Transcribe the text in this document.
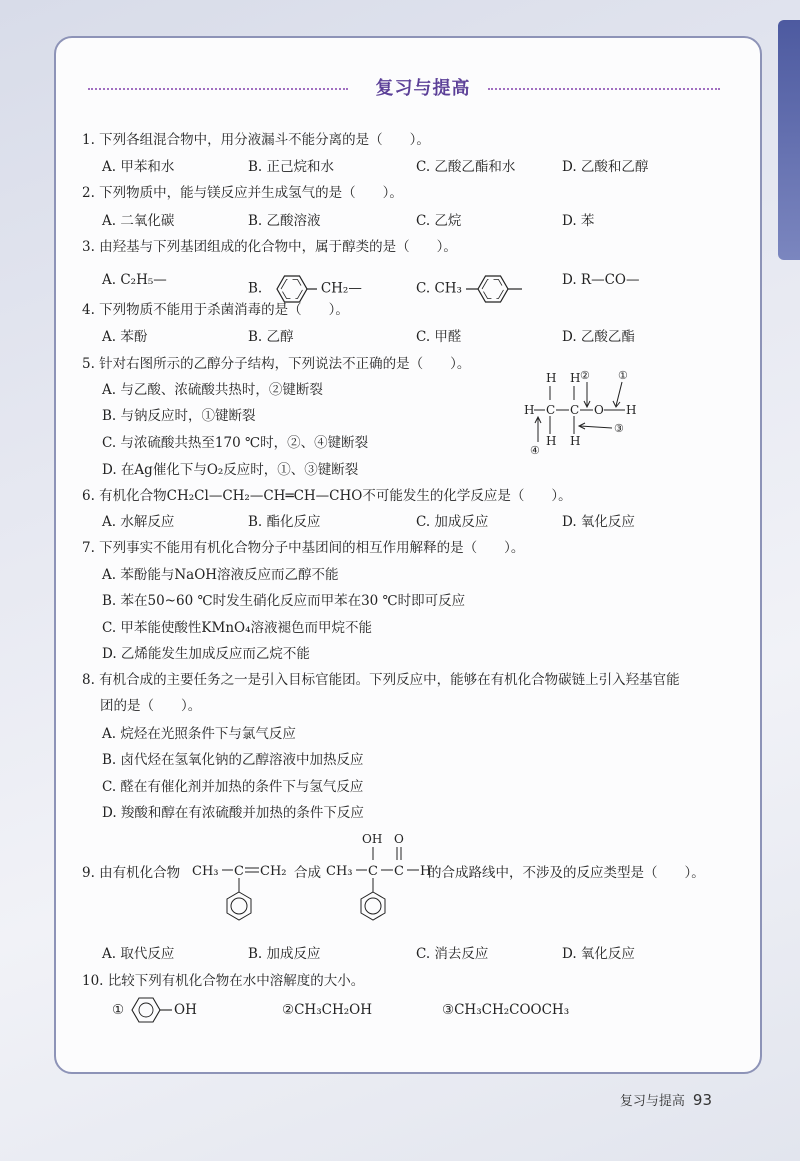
复习与提高
1. 下列各组混合物中，用分液漏斗不能分离的是（　　）。
A. 甲苯和水	B. 正己烷和水	C. 乙酸乙酯和水	D. 乙酸和乙醇
2. 下列物质中，能与镁反应并生成氢气的是（　　）。
A. 二氧化碳	B. 乙酸溶液	C. 乙烷	D. 苯
3. 由羟基与下列基团组成的化合物中，属于醇类的是（　　）。
A. C₂H₅—
B.	CH₂—	C. CH₃
D. R—CO—
4. 下列物质不能用于杀菌消毒的是（　　）。
A. 苯酚	B. 乙醇	C. 甲醛	D. 乙酸乙酯
5. 针对右图所示的乙醇分子结构，下列说法不正确的是（　　）。
A. 与乙酸、浓硫酸共热时，②键断裂
B. 与钠反应时，①键断裂
C. 与浓硫酸共热至170 ℃时，②、④键断裂
D. 在Ag催化下与O₂反应时，①、③键断裂
H H ②	①
H C C O H
H H
③
④
6. 有机化合物CH₂Cl—CH₂—CH═CH—CHO不可能发生的化学反应是（　　）。
A. 水解反应	B. 酯化反应	C. 加成反应	D. 氧化反应
7. 下列事实不能用有机化合物分子中基团间的相互作用解释的是（　　）。
A. 苯酚能与NaOH溶液反应而乙醇不能
B. 苯在50~60 ℃时发生硝化反应而甲苯在30 ℃时即可反应
C. 甲苯能使酸性KMnO₄溶液褪色而甲烷不能
D. 乙烯能发生加成反应而乙烷不能
8. 有机合成的主要任务之一是引入目标官能团。下列反应中，能够在有机化合物碳链上引入羟基官能
团的是（　　）。
A. 烷烃在光照条件下与氯气反应
B. 卤代烃在氢氧化钠的乙醇溶液中加热反应
C. 醛在有催化剂并加热的条件下与氢气反应
D. 羧酸和醇在有浓硫酸并加热的条件下反应
9. 由有机化合物 CH₃ C CH₂ 合成 CH₃ C C H
OH O
的合成路线中，不涉及的反应类型是（　　）。
A. 取代反应	B. 加成反应	C. 消去反应	D. 氧化反应
10. 比较下列有机化合物在水中溶解度的大小。
①	OH	②CH₃CH₂OH	③CH₃CH₂COOCH₃
复习与提高 93
